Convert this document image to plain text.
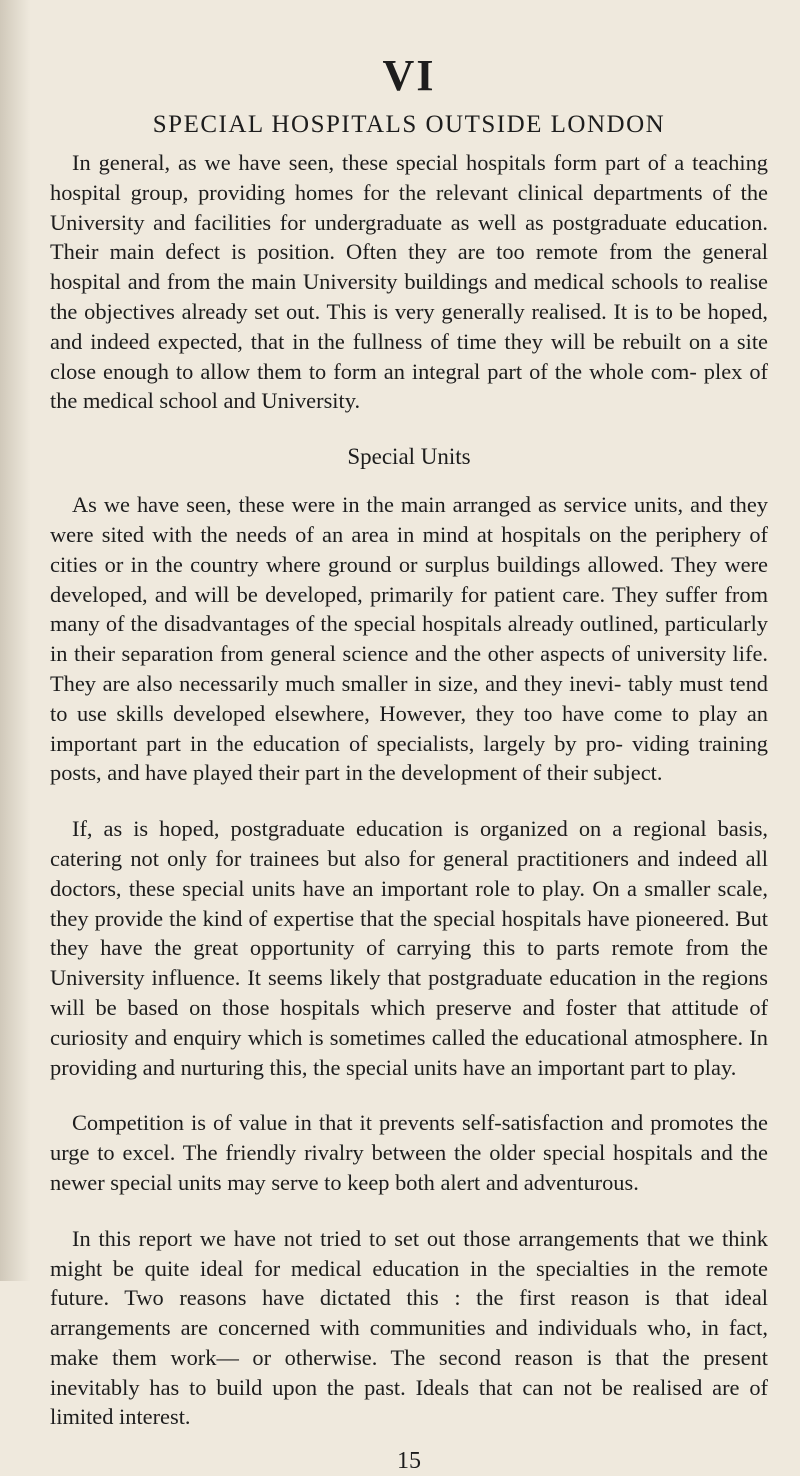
VI
SPECIAL HOSPITALS OUTSIDE LONDON

In general, as we have seen, these special hospitals form part of a teaching hospital group, providing homes for the relevant clinical departments of the University and facilities for undergraduate as well as postgraduate education. Their main defect is position. Often they are too remote from the general hospital and from the main University buildings and medical schools to realise the objectives already set out. This is very generally realised. It is to be hoped, and indeed expected, that in the fullness of time they will be rebuilt on a site close enough to allow them to form an integral part of the whole com- plex of the medical school and University.

Special Units

As we have seen, these were in the main arranged as service units, and they were sited with the needs of an area in mind at hospitals on the periphery of cities or in the country where ground or surplus buildings allowed. They were developed, and will be developed, primarily for patient care. They suffer from many of the disadvantages of the special hospitals already outlined, particularly in their separation from general science and the other aspects of university life. They are also necessarily much smaller in size, and they inevi- tably must tend to use skills developed elsewhere, However, they too have come to play an important part in the education of specialists, largely by pro- viding training posts, and have played their part in the development of their subject.

If, as is hoped, postgraduate education is organized on a regional basis, catering not only for trainees but also for general practitioners and indeed all doctors, these special units have an important role to play. On a smaller scale, they provide the kind of expertise that the special hospitals have pioneered. But they have the great opportunity of carrying this to parts remote from the University influence. It seems likely that postgraduate education in the regions will be based on those hospitals which preserve and foster that attitude of curiosity and enquiry which is sometimes called the educational atmosphere. In providing and nurturing this, the special units have an important part to play.

Competition is of value in that it prevents self-satisfaction and promotes the urge to excel. The friendly rivalry between the older special hospitals and the newer special units may serve to keep both alert and adventurous.

In this report we have not tried to set out those arrangements that we think might be quite ideal for medical education in the specialties in the remote future. Two reasons have dictated this : the first reason is that ideal arrangements are concerned with communities and individuals who, in fact, make them work— or otherwise. The second reason is that the present inevitably has to build upon the past. Ideals that can not be realised are of limited interest.

15
